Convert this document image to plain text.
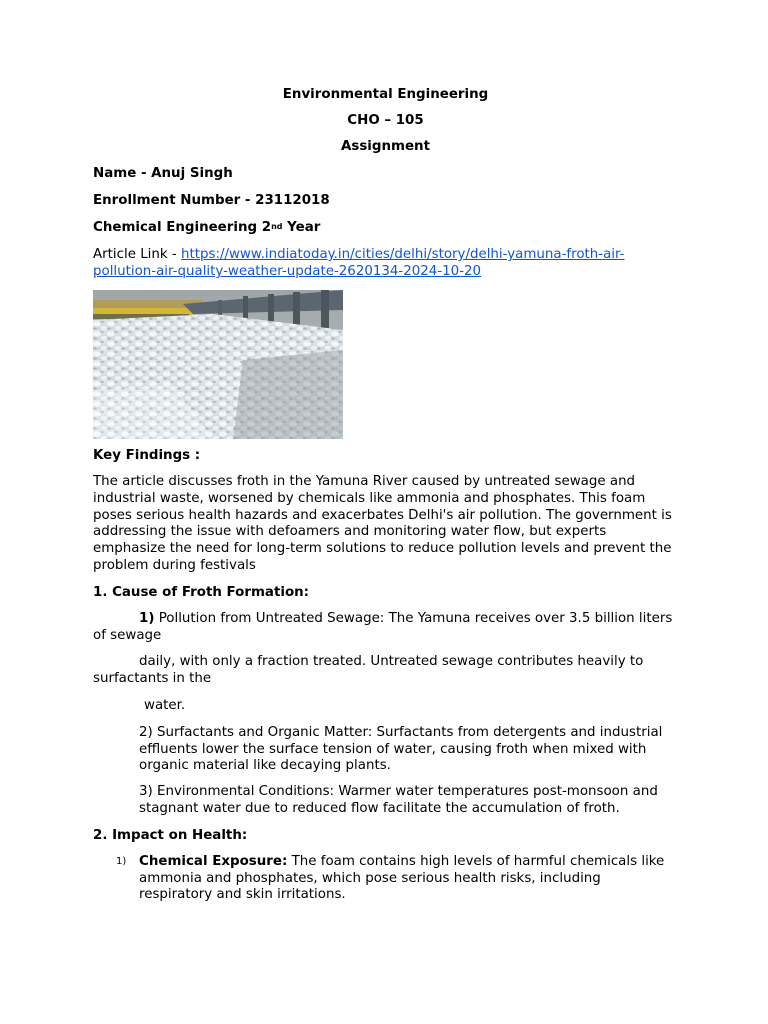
Environmental Engineering

CHO – 105

Assignment

Name - Anuj Singh

Enrollment Number - 23112018

Chemical Engineering 2nd Year

Article Link - https://www.indiatoday.in/cities/delhi/story/delhi-yamuna-froth-air-pollution-air-quality-weather-update-2620134-2024-10-20

Key Findings :

The article discusses froth in the Yamuna River caused by untreated sewage and industrial waste, worsened by chemicals like ammonia and phosphates. This foam poses serious health hazards and exacerbates Delhi's air pollution. The government is addressing the issue with defoamers and monitoring water flow, but experts emphasize the need for long-term solutions to reduce pollution levels and prevent the problem during festivals

1. Cause of Froth Formation:

1) Pollution from Untreated Sewage: The Yamuna receives over 3.5 billion liters of sewage

daily, with only a fraction treated. Untreated sewage contributes heavily to surfactants in the

water.

2) Surfactants and Organic Matter: Surfactants from detergents and industrial effluents lower the surface tension of water, causing froth when mixed with organic material like decaying plants.

3) Environmental Conditions: Warmer water temperatures post-monsoon and stagnant water due to reduced flow facilitate the accumulation of froth.

2. Impact on Health:

1) Chemical Exposure: The foam contains high levels of harmful chemicals like ammonia and phosphates, which pose serious health risks, including respiratory and skin irritations.
